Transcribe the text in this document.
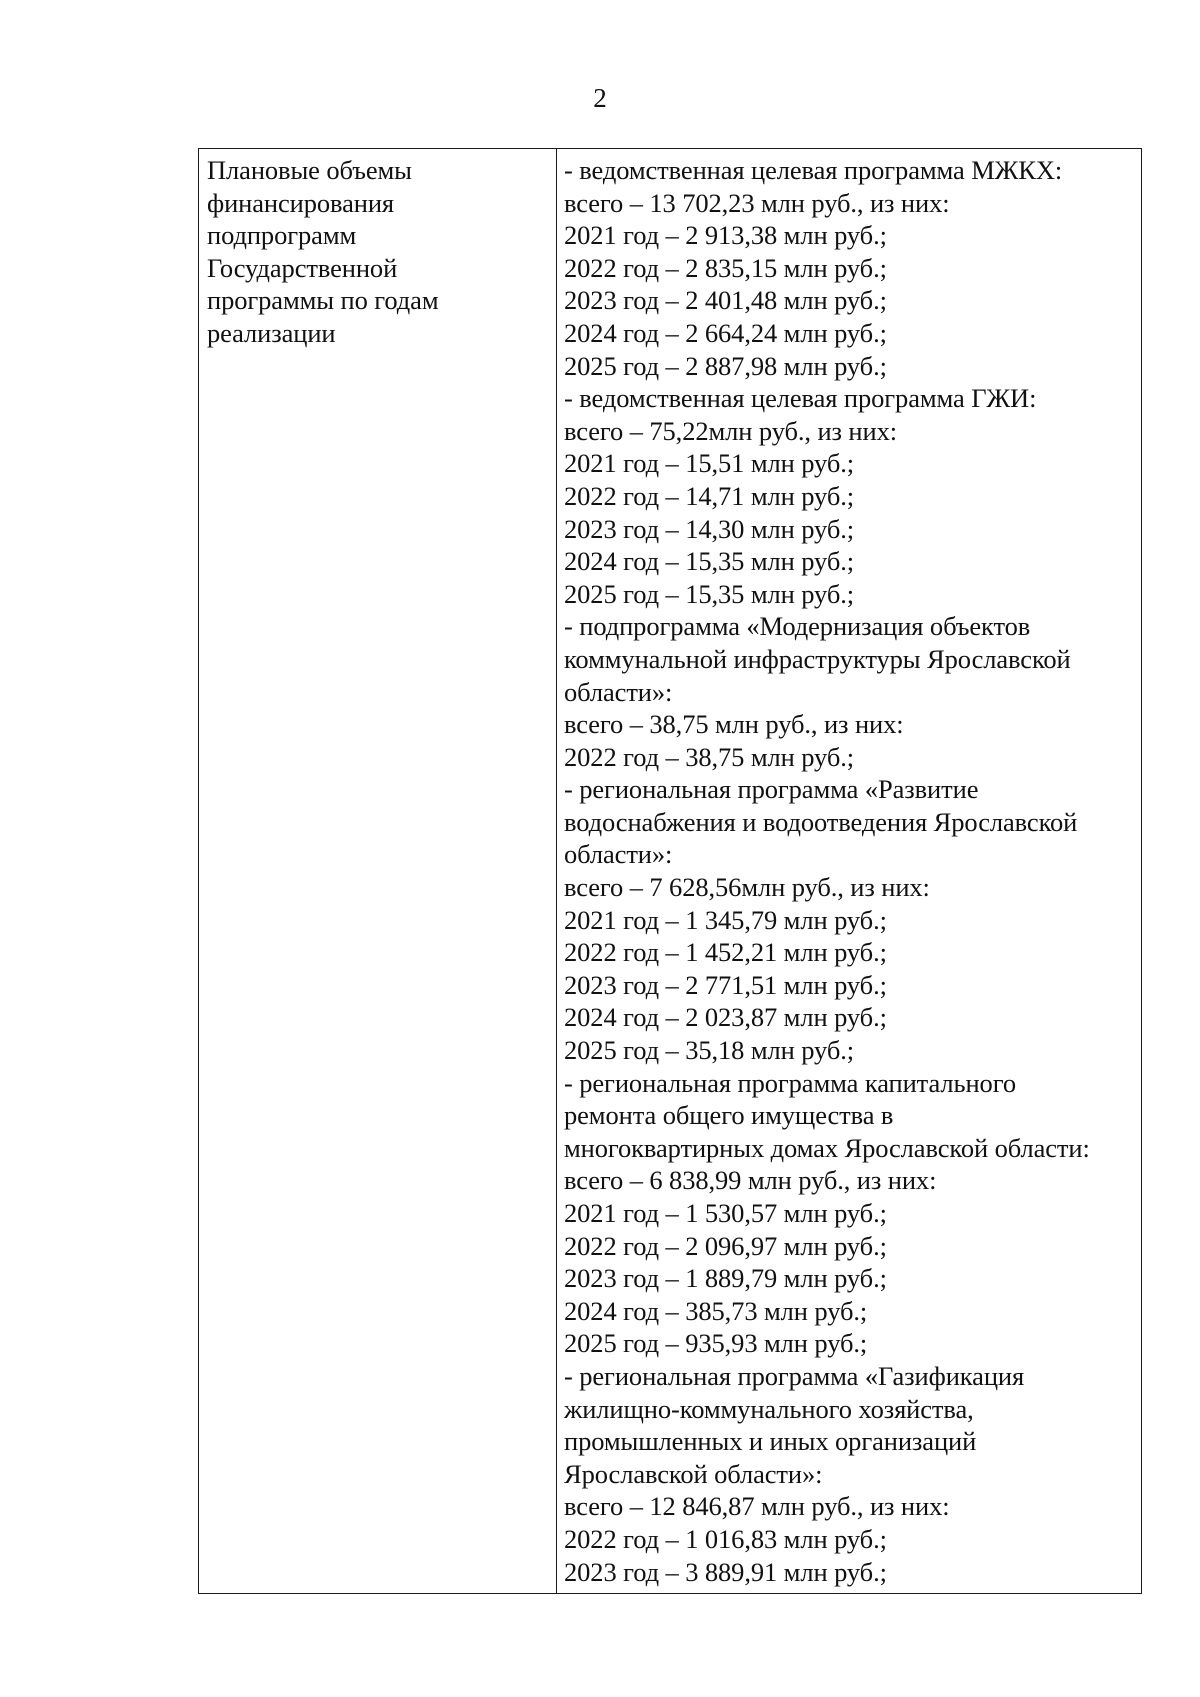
2
Плановые объемы
финансирования
подпрограмм
Государственной
программы по годам
реализации
- ведомственная целевая программа МЖКХ:
всего – 13 702,23 млн руб., из них:
2021 год – 2 913,38 млн руб.;
2022 год – 2 835,15 млн руб.;
2023 год – 2 401,48 млн руб.;
2024 год – 2 664,24 млн руб.;
2025 год – 2 887,98 млн руб.;
- ведомственная целевая программа ГЖИ:
всего – 75,22млн руб., из них:
2021 год – 15,51 млн руб.;
2022 год – 14,71 млн руб.;
2023 год – 14,30 млн руб.;
2024 год – 15,35 млн руб.;
2025 год – 15,35 млн руб.;
- подпрограмма «Модернизация объектов
коммунальной инфраструктуры Ярославской
области»:
всего – 38,75 млн руб., из них:
2022 год – 38,75 млн руб.;
- региональная программа «Развитие
водоснабжения и водоотведения Ярославской
области»:
всего – 7 628,56млн руб., из них:
2021 год – 1 345,79 млн руб.;
2022 год – 1 452,21 млн руб.;
2023 год – 2 771,51 млн руб.;
2024 год – 2 023,87 млн руб.;
2025 год – 35,18 млн руб.;
- региональная программа капитального
ремонта общего имущества в
многоквартирных домах Ярославской области:
всего – 6 838,99 млн руб., из них:
2021 год – 1 530,57 млн руб.;
2022 год – 2 096,97 млн руб.;
2023 год – 1 889,79 млн руб.;
2024 год – 385,73 млн руб.;
2025 год – 935,93 млн руб.;
- региональная программа «Газификация
жилищно-коммунального хозяйства,
промышленных и иных организаций
Ярославской области»:
всего – 12 846,87 млн руб., из них:
2022 год – 1 016,83 млн руб.;
2023 год – 3 889,91 млн руб.;
